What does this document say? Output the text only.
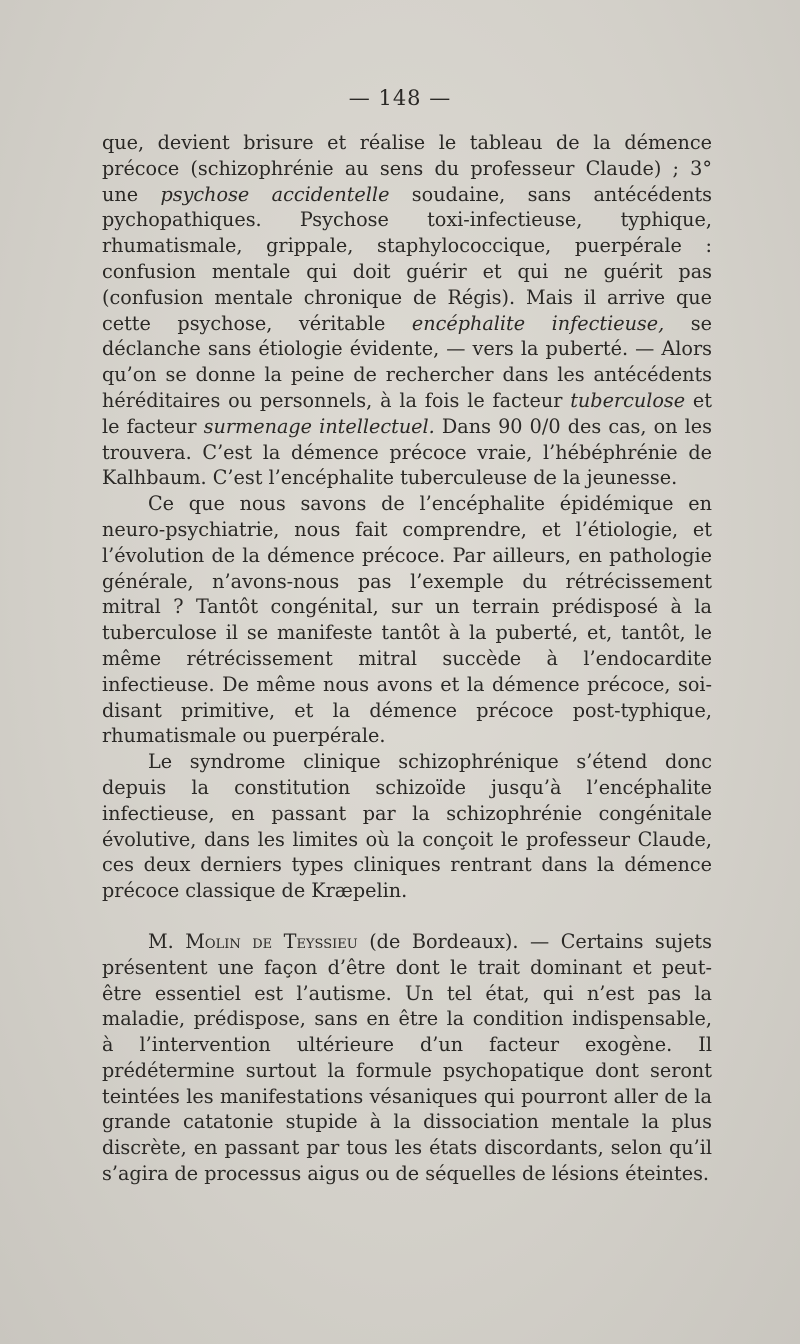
— 148 —

que, devient brisure et réalise le tableau de la démence précoce (schizophrénie au sens du professeur Claude) ; 3° une psychose accidentelle soudaine, sans antécédents pychopathiques. Psychose toxi-infectieuse, typhique, rhumatismale, grippale, staphylococcique, puerpérale : confusion mentale qui doit guérir et qui ne guérit pas (confusion mentale chronique de Régis). Mais il arrive que cette psychose, véritable encéphalite infectieuse, se déclanche sans étiologie évidente, — vers la puberté. — Alors qu’on se donne la peine de rechercher dans les antécédents héréditaires ou personnels, à la fois le facteur tuberculose et le facteur surmenage intellectuel. Dans 90 0/0 des cas, on les trouvera. C’est la démence précoce vraie, l’hébéphrénie de Kalhbaum. C’est l’encéphalite tuberculeuse de la jeunesse.

Ce que nous savons de l’encéphalite épidémique en neuro-psychiatrie, nous fait comprendre, et l’étiologie, et l’évolution de la démence précoce. Par ailleurs, en pathologie générale, n’avons-nous pas l’exemple du rétrécissement mitral ? Tantôt congénital, sur un terrain prédisposé à la tuberculose il se manifeste tantôt à la puberté, et, tantôt, le même rétrécissement mitral succède à l’endocardite infectieuse. De même nous avons et la démence précoce, soi-disant primitive, et la démence précoce post-typhique, rhumatismale ou puerpérale.

Le syndrome clinique schizophrénique s’étend donc depuis la constitution schizoïde jusqu’à l’encéphalite infectieuse, en passant par la schizophrénie congénitale évolutive, dans les limites où la conçoit le professeur Claude, ces deux derniers types cliniques rentrant dans la démence précoce classique de Kræpelin.

M. Molin de Teyssieu (de Bordeaux). — Certains sujets présentent une façon d’être dont le trait dominant et peut-être essentiel est l’autisme. Un tel état, qui n’est pas la maladie, prédispose, sans en être la condition indispensable, à l’intervention ultérieure d’un facteur exogène. Il prédétermine surtout la formule psychopatique dont seront teintées les manifestations vésaniques qui pourront aller de la grande catatonie stupide à la dissociation mentale la plus discrète, en passant par tous les états discordants, selon qu’il s’agira de processus aigus ou de séquelles de lésions éteintes.
